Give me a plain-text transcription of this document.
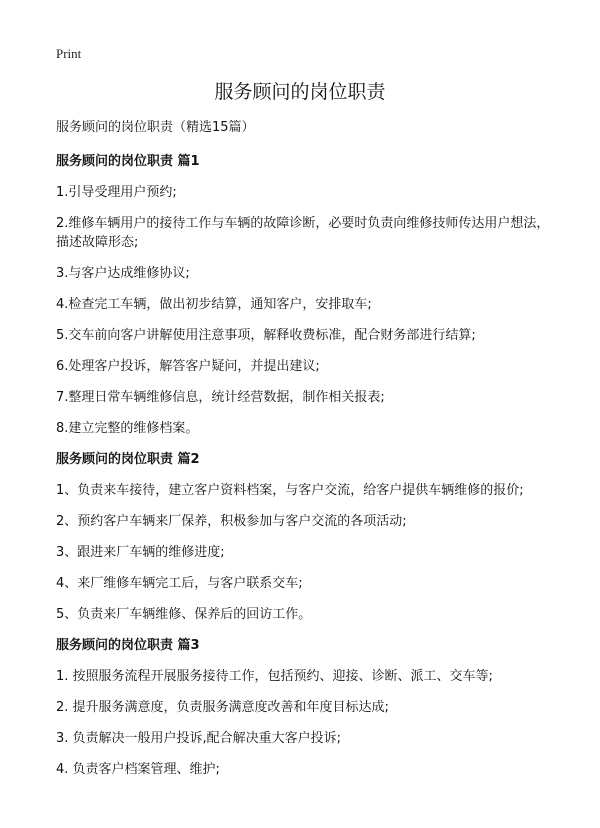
Print
服务顾问的岗位职责

服务顾问的岗位职责（精选15篇）

服务顾问的岗位职责 篇1

1.引导受理用户预约;

2.维修车辆用户的接待工作与车辆的故障诊断，必要时负责向维修技师传达用户想法，描述故障形态;

3.与客户达成维修协议;

4.检查完工车辆，做出初步结算，通知客户，安排取车;

5.交车前向客户讲解使用注意事项，解释收费标准，配合财务部进行结算;

6.处理客户投诉，解答客户疑问，并提出建议;

7.整理日常车辆维修信息，统计经营数据，制作相关报表;

8.建立完整的维修档案。

服务顾问的岗位职责 篇2

1、负责来车接待，建立客户资料档案，与客户交流，给客户提供车辆维修的报价;

2、预约客户车辆来厂保养，积极参加与客户交流的各项活动;

3、跟进来厂车辆的维修进度;

4、来厂维修车辆完工后，与客户联系交车;

5、负责来厂车辆维修、保养后的回访工作。

服务顾问的岗位职责 篇3

1. 按照服务流程开展服务接待工作，包括预约、迎接、诊断、派工、交车等;

2. 提升服务满意度，负责服务满意度改善和年度目标达成;

3. 负责解决一般用户投诉,配合解决重大客户投诉;

4. 负责客户档案管理、维护;
